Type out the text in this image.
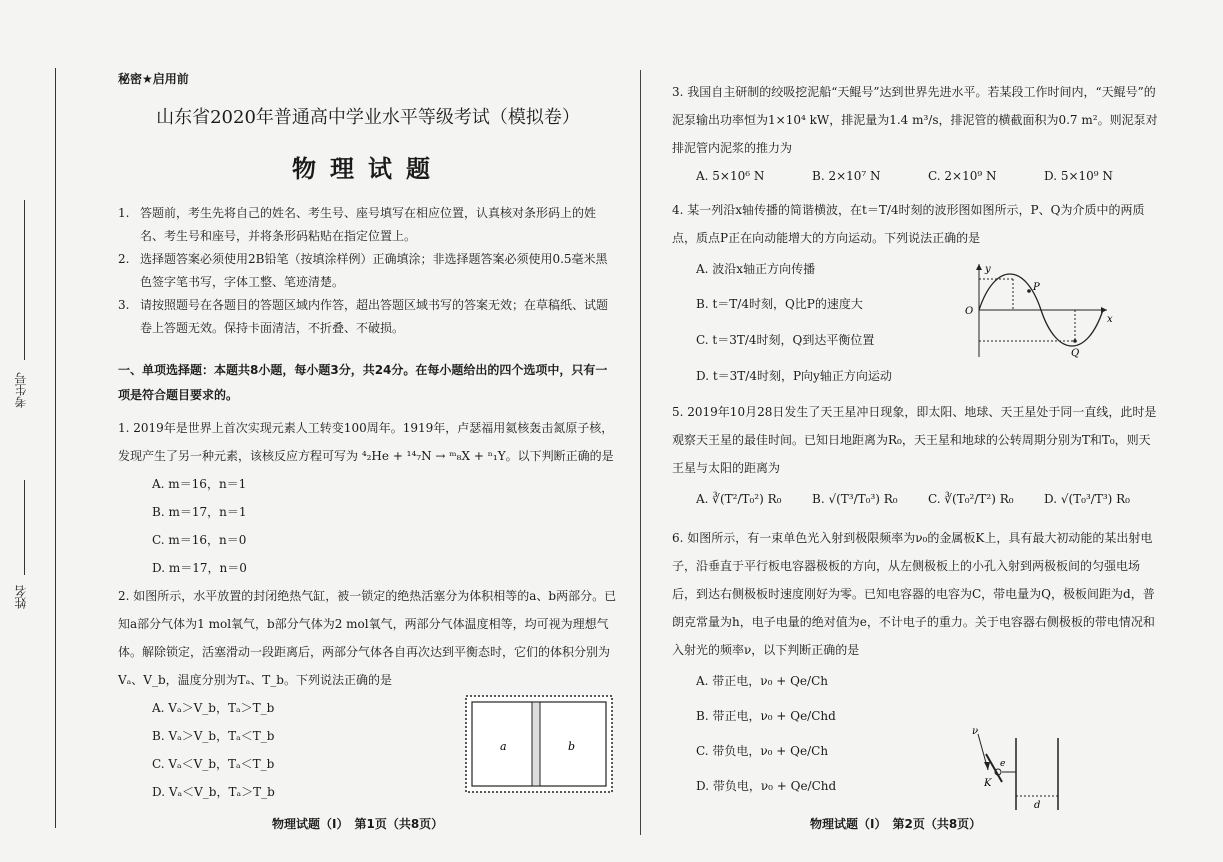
考生号
姓名
秘密★启用前
山东省2020年普通高中学业水平等级考试（模拟卷）
物理试题
1. 答题前，考生先将自己的姓名、考生号、座号填写在相应位置，认真核对条形码上的姓名、考生号和座号，并将条形码粘贴在指定位置上。
2. 选择题答案必须使用2B铅笔（按填涂样例）正确填涂；非选择题答案必须使用0.5毫米黑色签字笔书写，字体工整、笔迹清楚。
3. 请按照题号在各题目的答题区域内作答，超出答题区域书写的答案无效；在草稿纸、试题卷上答题无效。保持卡面清洁，不折叠、不破损。
一、单项选择题：本题共8小题，每小题3分，共24分。在每小题给出的四个选项中，只有一项是符合题目要求的。
1. 2019年是世界上首次实现元素人工转变100周年。1919年，卢瑟福用氦核轰击氮原子核，发现产生了另一种元素，该核反应方程可写为 ⁴₂He + ¹⁴₇N → ᵐ₈X + ⁿ₁Y。以下判断正确的是
A. m＝16，n＝1
B. m＝17，n＝1
C. m＝16，n＝0
D. m＝17，n＝0
2. 如图所示，水平放置的封闭绝热气缸，被一锁定的绝热活塞分为体积相等的a、b两部分。已知a部分气体为1 mol氧气，b部分气体为2 mol氧气，两部分气体温度相等，均可视为理想气体。解除锁定，活塞滑动一段距离后，两部分气体各自再次达到平衡态时，它们的体积分别为Vₐ、V_b，温度分别为Tₐ、T_b。下列说法正确的是
A. Vₐ＞V_b，Tₐ＞T_b
B. Vₐ＞V_b，Tₐ＜T_b
C. Vₐ＜V_b，Tₐ＜T_b
D. Vₐ＜V_b，Tₐ＞T_b
a	b
物理试题（Ⅰ）　第1页（共8页）
3. 我国自主研制的绞吸挖泥船“天鲲号”达到世界先进水平。若某段工作时间内，“天鲲号”的泥泵输出功率恒为1×10⁴ kW，排泥量为1.4 m³/s，排泥管的横截面积为0.7 m²。则泥泵对排泥管内泥浆的推力为
A. 5×10⁶ N	B. 2×10⁷ N	C. 2×10⁹ N	D. 5×10⁹ N
4. 某一列沿x轴传播的简谐横波，在t＝T/4时刻的波形图如图所示，P、Q为介质中的两质点，质点P正在向动能增大的方向运动。下列说法正确的是
A. 波沿x轴正方向传播
B. t＝T/4时刻，Q比P的速度大
C. t＝3T/4时刻，Q到达平衡位置
D. t＝3T/4时刻，P向y轴正方向运动
O
y
x
P
Q
5. 2019年10月28日发生了天王星冲日现象，即太阳、地球、天王星处于同一直线，此时是观察天王星的最佳时间。已知日地距离为R₀，天王星和地球的公转周期分别为T和T₀，则天王星与太阳的距离为
A. ∛(T²/T₀²) R₀	B. √(T³/T₀³) R₀	C. ∛(T₀²/T²) R₀	D. √(T₀³/T³) R₀
6. 如图所示，有一束单色光入射到极限频率为ν₀的金属板K上，具有最大初动能的某出射电子，沿垂直于平行板电容器极板的方向，从左侧极板上的小孔入射到两极板间的匀强电场后，到达右侧极板时速度刚好为零。已知电容器的电容为C，带电量为Q，极板间距为d，普朗克常量为h，电子电量的绝对值为e，不计电子的重力。关于电容器右侧极板的带电情况和入射光的频率ν，以下判断正确的是
A. 带正电，ν₀ + Qe/Ch
B. 带正电，ν₀ + Qe/Chd
C. 带负电，ν₀ + Qe/Ch
D. 带负电，ν₀ + Qe/Chd
ν
e
K
d
物理试题（Ⅰ）　第2页（共8页）
